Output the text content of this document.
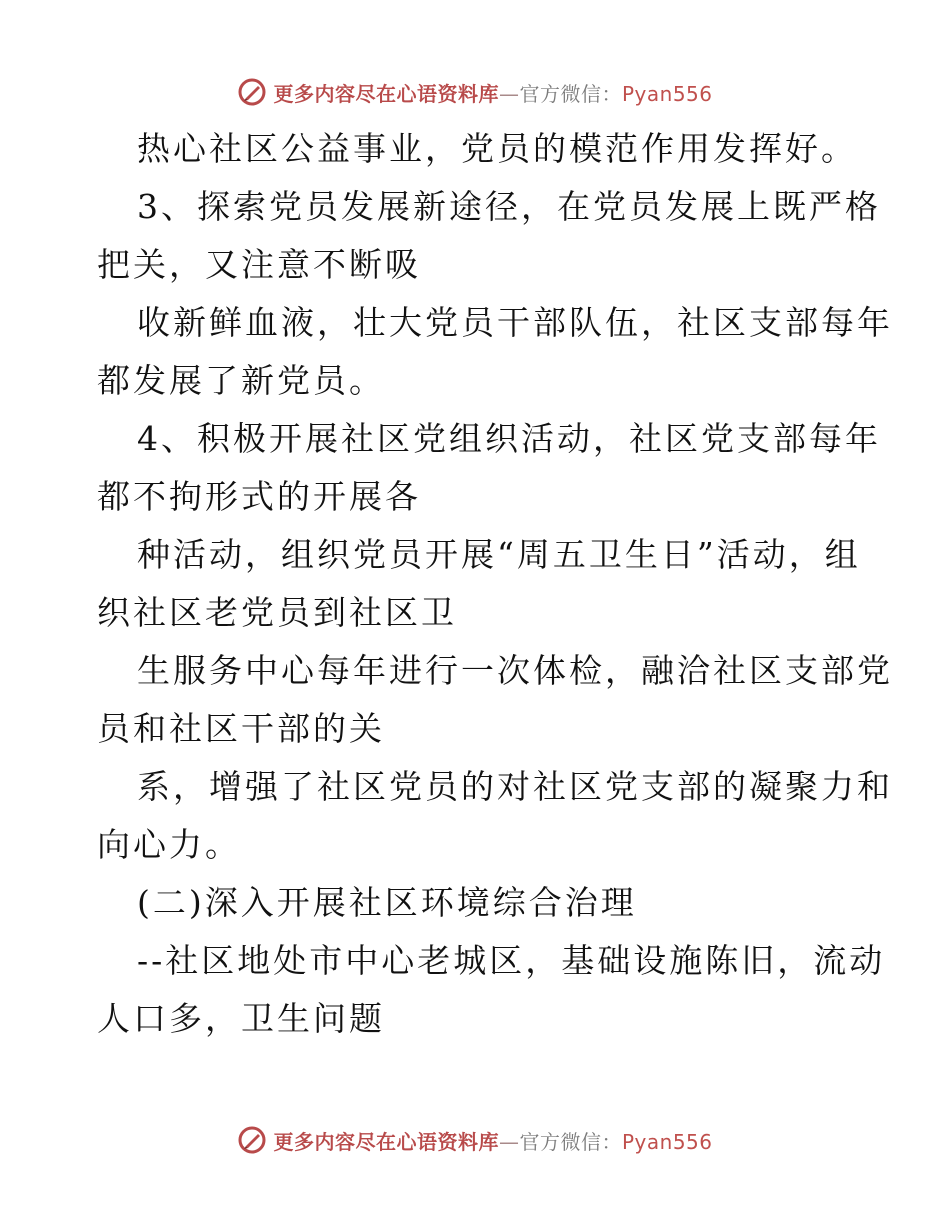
更多内容尽在心语资料库—官方微信：Pyan556
热心社区公益事业，党员的模范作用发挥好。
3、探索党员发展新途径，在党员发展上既严格
把关，又注意不断吸
收新鲜血液，壮大党员干部队伍，社区支部每年
都发展了新党员。
4、积极开展社区党组织活动，社区党支部每年
都不拘形式的开展各
种活动，组织党员开展“周五卫生日”活动，组
织社区老党员到社区卫
生服务中心每年进行一次体检，融洽社区支部党
员和社区干部的关
系，增强了社区党员的对社区党支部的凝聚力和
向心力。
(二)深入开展社区环境综合治理
--社区地处市中心老城区，基础设施陈旧，流动
人口多，卫生问题
更多内容尽在心语资料库—官方微信：Pyan556
